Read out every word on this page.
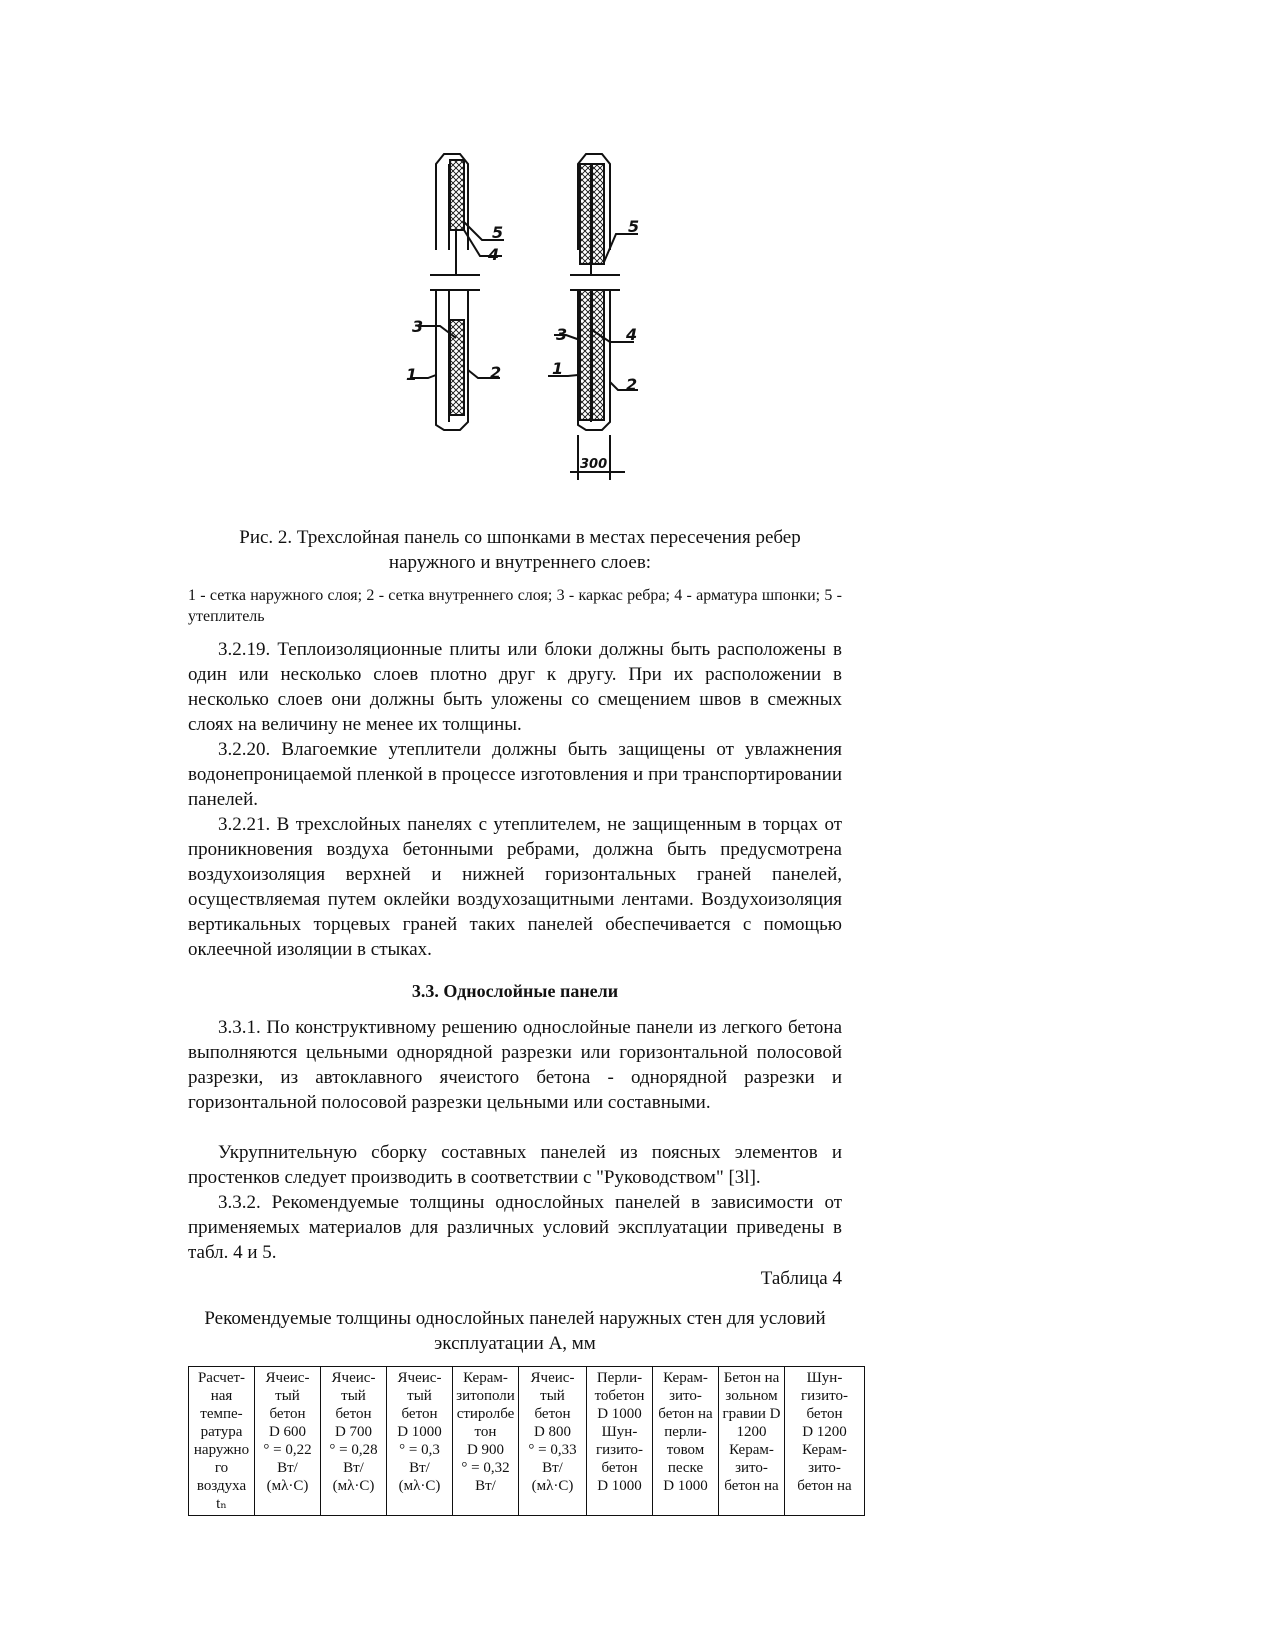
5
4
3
1	2
5
3	4
1
2
300
Рис. 2. Трехслойная панель со шпонками в местах пересечения ребер наружного и внутреннего слоев:
1 - сетка наружного слоя; 2 - сетка внутреннего слоя; 3 - каркас ребра; 4 - арматура шпонки; 5 - утеплитель

3.2.19. Теплоизоляционные плиты или блоки должны быть расположены в один или несколько слоев плотно друг к другу. При их расположении в несколько слоев они должны быть уложены со смещением швов в смежных слоях на величину не менее их толщины.

3.2.20. Влагоемкие утеплители должны быть защищены от увлажнения водонепроницаемой пленкой в процессе изготовления и при транспортировании панелей.

3.2.21. В трехслойных панелях с утеплителем, не защищенным в торцах от проникновения воздуха бетонными ребрами, должна быть предусмотрена воздухоизоляция верхней и нижней горизонтальных граней панелей, осуществляемая путем оклейки воздухозащитными лентами. Воздухоизоляция вертикальных торцевых граней таких панелей обеспечивается с помощью оклеечной изоляции в стыках.

3.3. Однослойные панели

3.3.1. По конструктивному решению однослойные панели из легкого бетона выполняются цельными однорядной разрезки или горизонтальной полосовой разрезки, из автоклавного ячеистого бетона - однорядной разрезки и горизонтальной полосовой разрезки цельными или составными.

Укрупнительную сборку составных панелей из поясных элементов и простенков следует производить в соответствии с "Руководством" [3l].

3.3.2. Рекомендуемые толщины однослойных панелей в зависимости от применяемых материалов для различных условий эксплуатации приведены в табл. 4 и 5.

Таблица 4
Рекомендуемые толщины однослойных панелей наружных стен для условий эксплуатации А, мм
Расчет-
ная
темпе-
ратура
наружно
го
воздуха tₙ	Ячеис-
тый
бетон
D 600
° = 0,22
Вт/
(мλ·С)	Ячеис-
тый
бетон
D 700
° = 0,28
Вт/
(мλ·С)	Ячеис-
тый
бетон
D 1000
° = 0,3
Вт/
(мλ·С)	Керам-
зитополи
стиролбе
тон
D 900
° = 0,32
Вт/	Ячеис-
тый
бетон
D 800
° = 0,33
Вт/
(мλ·С)	Перли-
тобетон
D 1000
Шун-
гизито-
бетон
D 1000	Керам-
зито-
бетон на
перли-
товом
песке
D 1000	Бетон на
зольном
гравии D
1200
Керам-
зито-
бетон на	Шун-
гизито-
бетон
D 1200
Керам-
зито-
бетон на
